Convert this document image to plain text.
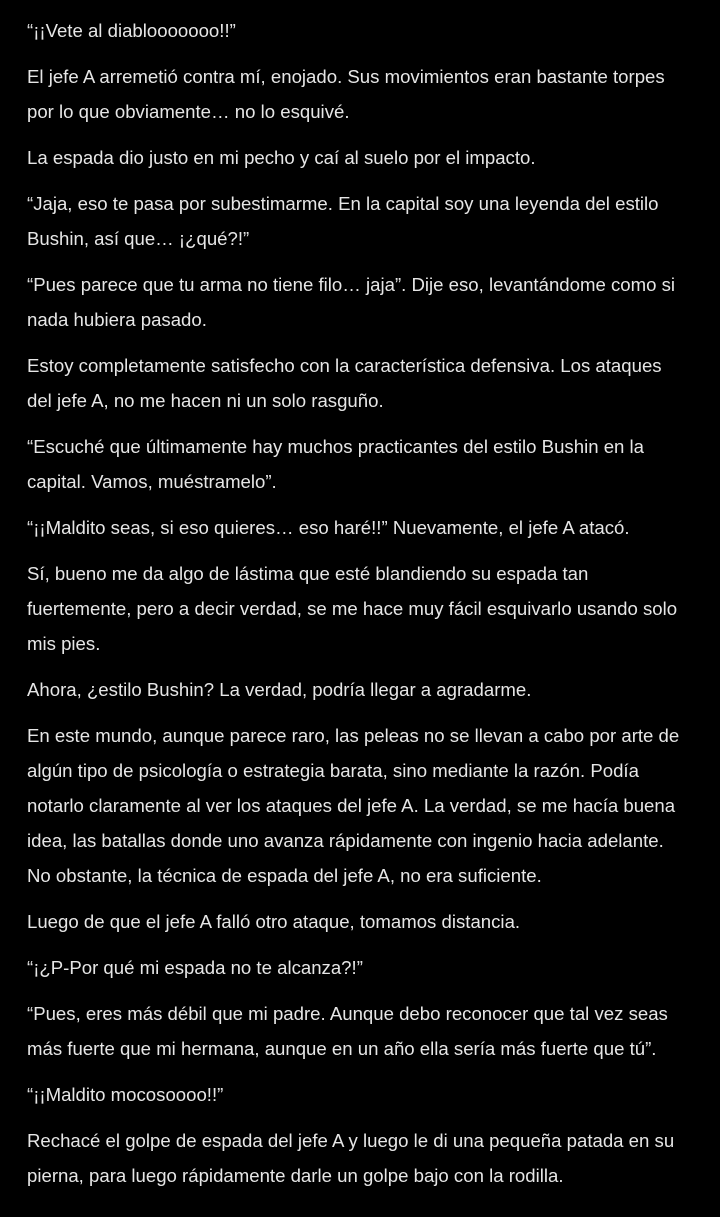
“¡¡Vete al diablooooooo!!”

El jefe A arremetió contra mí, enojado. Sus movimientos eran bastante torpes por lo que obviamente… no lo esquivé.

La espada dio justo en mi pecho y caí al suelo por el impacto.

“Jaja, eso te pasa por subestimarme. En la capital soy una leyenda del estilo Bushin, así que… ¡¿qué?!”

“Pues parece que tu arma no tiene filo… jaja”. Dije eso, levantándome como si nada hubiera pasado.

Estoy completamente satisfecho con la característica defensiva. Los ataques del jefe A, no me hacen ni un solo rasguño.

“Escuché que últimamente hay muchos practicantes del estilo Bushin en la capital. Vamos, muéstramelo”.

“¡¡Maldito seas, si eso quieres… eso haré!!” Nuevamente, el jefe A atacó.

Sí, bueno me da algo de lástima que esté blandiendo su espada tan fuertemente, pero a decir verdad, se me hace muy fácil esquivarlo usando solo mis pies.

Ahora, ¿estilo Bushin? La verdad, podría llegar a agradarme.

En este mundo, aunque parece raro, las peleas no se llevan a cabo por arte de algún tipo de psicología o estrategia barata, sino mediante la razón. Podía notarlo claramente al ver los ataques del jefe A. La verdad, se me hacía buena idea, las batallas donde uno avanza rápidamente con ingenio hacia adelante. No obstante, la técnica de espada del jefe A, no era suficiente.

Luego de que el jefe A falló otro ataque, tomamos distancia.

“¡¿P-Por qué mi espada no te alcanza?!”

“Pues, eres más débil que mi padre. Aunque debo reconocer que tal vez seas más fuerte que mi hermana, aunque en un año ella sería más fuerte que tú”.

“¡¡Maldito mocosoooo!!”

Rechacé el golpe de espada del jefe A y luego le di una pequeña patada en su pierna, para luego rápidamente darle un golpe bajo con la rodilla.
